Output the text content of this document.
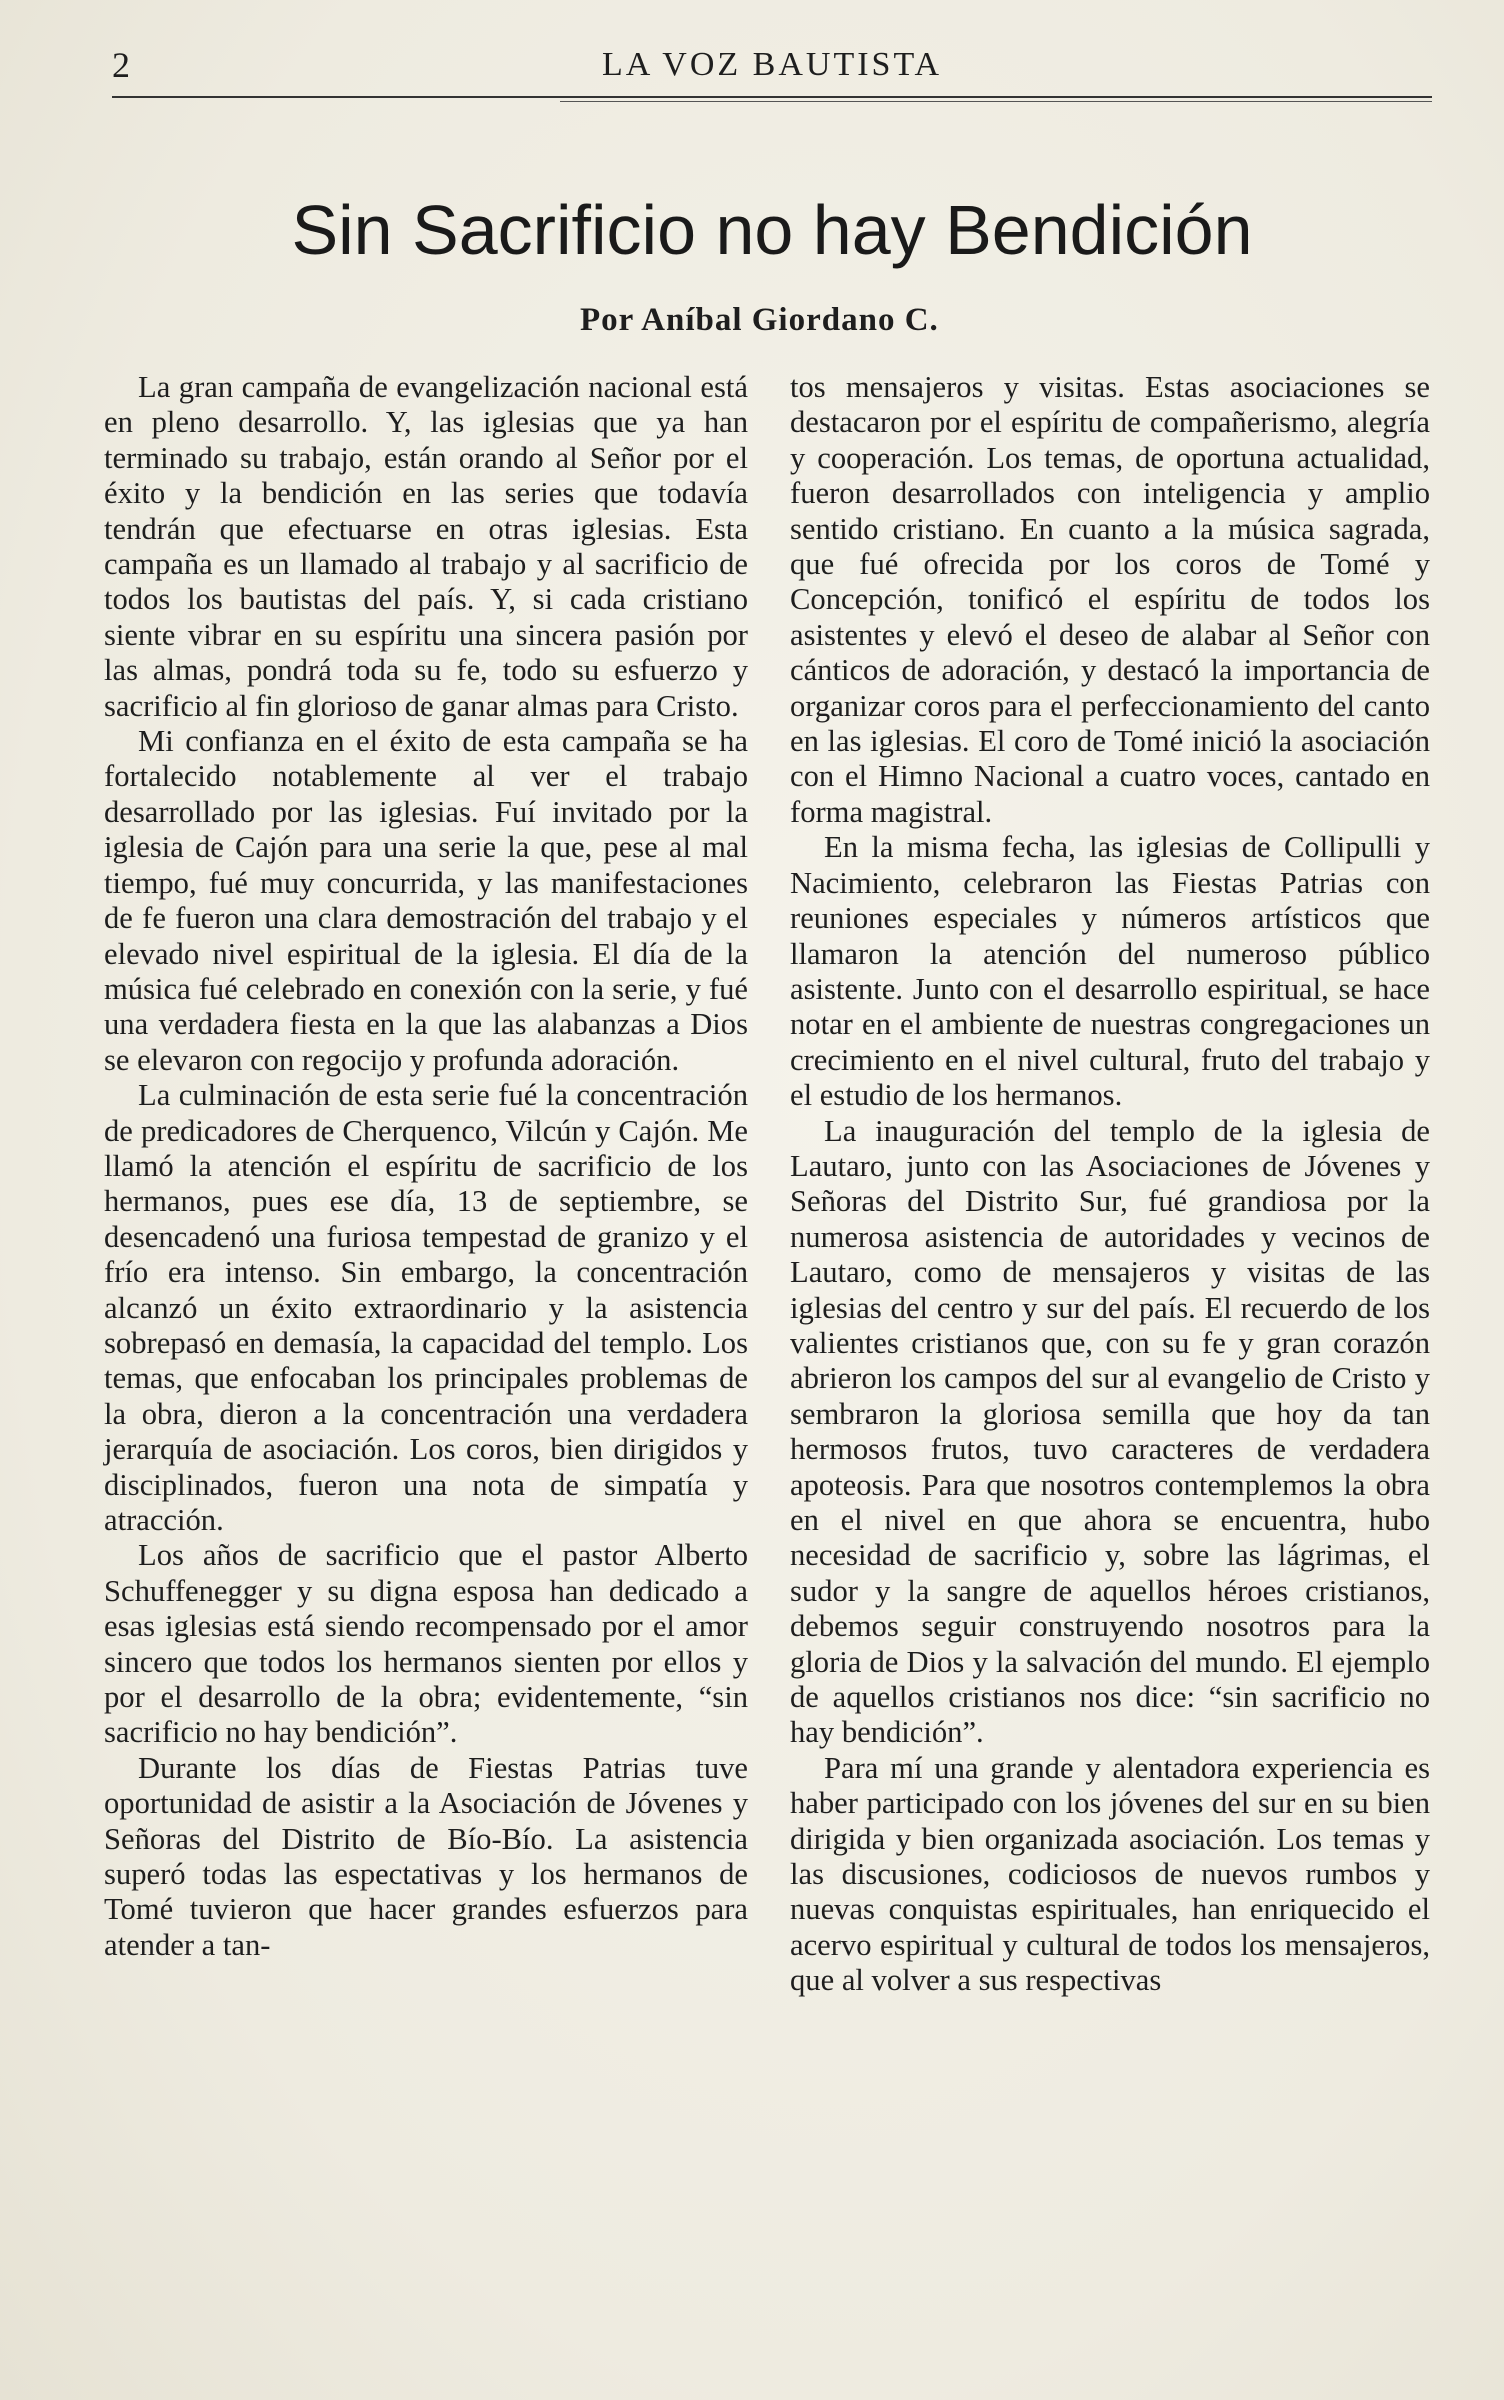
2	LA VOZ BAUTISTA
Sin Sacrificio no hay Bendición
Por Aníbal Giordano C.

La gran campaña de evangelización nacional está en pleno desarrollo. Y, las iglesias que ya han terminado su trabajo, están orando al Señor por el éxito y la bendición en las series que todavía tendrán que efectuarse en otras iglesias. Esta campaña es un llamado al trabajo y al sacrificio de todos los bautistas del país. Y, si cada cristiano siente vibrar en su espíritu una sincera pasión por las almas, pondrá toda su fe, todo su esfuerzo y sacrificio al fin glorioso de ganar almas para Cristo.

Mi confianza en el éxito de esta campaña se ha fortalecido notablemente al ver el trabajo desarrollado por las iglesias. Fuí invitado por la iglesia de Cajón para una serie la que, pese al mal tiempo, fué muy concurrida, y las manifestaciones de fe fueron una clara demostración del trabajo y el elevado nivel espiritual de la iglesia. El día de la música fué celebrado en conexión con la serie, y fué una verdadera fiesta en la que las alabanzas a Dios se elevaron con regocijo y profunda adoración.

La culminación de esta serie fué la concentración de predicadores de Cherquenco, Vilcún y Cajón. Me llamó la atención el espíritu de sacrificio de los hermanos, pues ese día, 13 de septiembre, se desencadenó una furiosa tempestad de granizo y el frío era intenso. Sin embargo, la concentración alcanzó un éxito extraordinario y la asistencia sobrepasó en demasía, la capacidad del templo. Los temas, que enfocaban los principales problemas de la obra, dieron a la concentración una verdadera jerarquía de asociación. Los coros, bien dirigidos y disciplinados, fueron una nota de simpatía y atracción.

Los años de sacrificio que el pastor Alberto Schuffenegger y su digna esposa han dedicado a esas iglesias está siendo recompensado por el amor sincero que todos los hermanos sienten por ellos y por el desarrollo de la obra; evidentemente, “sin sacrificio no hay bendición”.

Durante los días de Fiestas Patrias tuve oportunidad de asistir a la Asociación de Jóvenes y Señoras del Distrito de Bío-Bío. La asistencia superó todas las espectativas y los hermanos de Tomé tuvieron que hacer grandes esfuerzos para atender a tan-

tos mensajeros y visitas. Estas asociaciones se destacaron por el espíritu de compañerismo, alegría y cooperación. Los temas, de oportuna actualidad, fueron desarrollados con inteligencia y amplio sentido cristiano. En cuanto a la música sagrada, que fué ofrecida por los coros de Tomé y Concepción, tonificó el espíritu de todos los asistentes y elevó el deseo de alabar al Señor con cánticos de adoración, y destacó la importancia de organizar coros para el perfeccionamiento del canto en las iglesias. El coro de Tomé inició la asociación con el Himno Nacional a cuatro voces, cantado en forma magistral.

En la misma fecha, las iglesias de Collipulli y Nacimiento, celebraron las Fiestas Patrias con reuniones especiales y números artísticos que llamaron la atención del numeroso público asistente. Junto con el desarrollo espiritual, se hace notar en el ambiente de nuestras congregaciones un crecimiento en el nivel cultural, fruto del trabajo y el estudio de los hermanos.

La inauguración del templo de la iglesia de Lautaro, junto con las Asociaciones de Jóvenes y Señoras del Distrito Sur, fué grandiosa por la numerosa asistencia de autoridades y vecinos de Lautaro, como de mensajeros y visitas de las iglesias del centro y sur del país. El recuerdo de los valientes cristianos que, con su fe y gran corazón abrieron los campos del sur al evangelio de Cristo y sembraron la gloriosa semilla que hoy da tan hermosos frutos, tuvo caracteres de verdadera apoteosis. Para que nosotros contemplemos la obra en el nivel en que ahora se encuentra, hubo necesidad de sacrificio y, sobre las lágrimas, el sudor y la sangre de aquellos héroes cristianos, debemos seguir construyendo nosotros para la gloria de Dios y la salvación del mundo. El ejemplo de aquellos cristianos nos dice: “sin sacrificio no hay bendición”.

Para mí una grande y alentadora experiencia es haber participado con los jóvenes del sur en su bien dirigida y bien organizada asociación. Los temas y las discusiones, codiciosos de nuevos rumbos y nuevas conquistas espirituales, han enriquecido el acervo espiritual y cultural de todos los mensajeros, que al volver a sus respectivas
